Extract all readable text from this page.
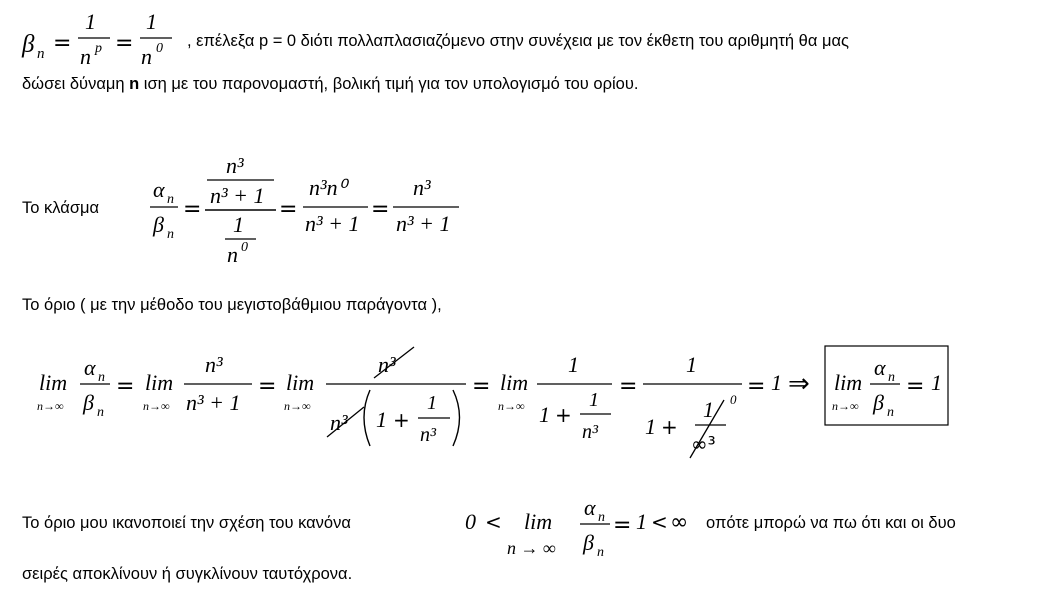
, επέλεξα p = 0 διότι πολλαπλασιαζόμενο στην συνέχεια με τον έκθετη του αριθμητή θα μας
δώσει δύναμη n ιση με του παρονομαστή, βολική τιμή για τον υπολογισμό του ορίου.
Το κλάσμα
Το όριο ( με την μέθοδο του μεγιστοβάθμιου παράγοντα ),
Το όριο μου ικανοποιεί την σχέση του κανόνα	οπότε μπορώ να πω ότι και οι δυο
σειρές αποκλίνουν ή συγκλίνουν ταυτόχρονα.
β n =
1
n p =
1
n 0
α n
β n
=
n³
n³ + 1
1
n 0
=
n³n⁰
n³ + 1
=
n³
n³ + 1
lim
n→∞
α n
β n
= lim
n→∞
n³
n³ + 1
= lim
n→∞
n³
n³ 1 +
1
n³
= lim
n→∞
1
1 +
1
n³
=
1
1 +
1 0
∞³
= 1 ⇒ lim
n→∞
α n
β n
= 1
0 < lim
n → ∞
α n
β n
= 1 < ∞
